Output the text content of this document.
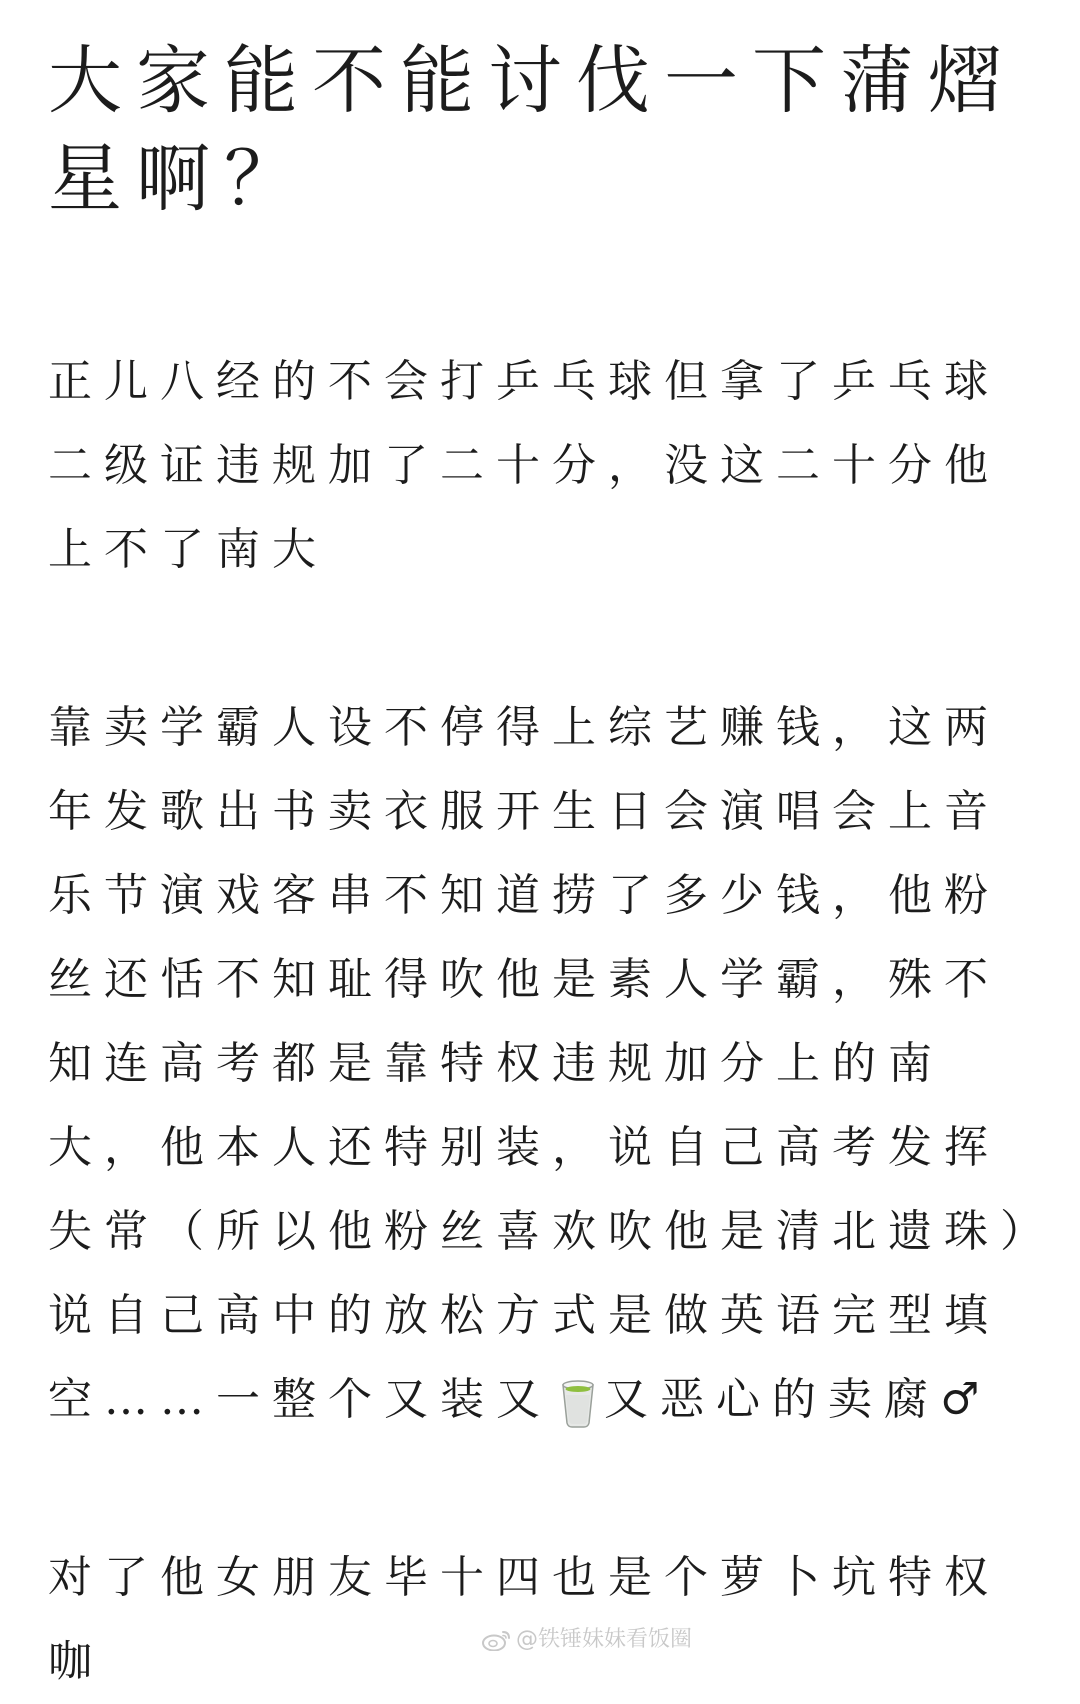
大家能不能讨伐一下蒲熠星啊？

正儿八经的不会打乒乓球但拿了乒乓球二级证违规加了二十分，没这二十分他上不了南大

靠卖学霸人设不停得上综艺赚钱，这两年发歌出书卖衣服开生日会演唱会上音乐节演戏客串不知道捞了多少钱，他粉丝还恬不知耻得吹他是素人学霸，殊不知连高考都是靠特权违规加分上的南大，他本人还特别装，说自己高考发挥失常（所以他粉丝喜欢吹他是清北遗珠）说自己高中的放松方式是做英语完型填空……一整个又装又 又恶心的卖腐♂

对了他女朋友毕十四也是个萝卜坑特权咖	@铁锤妹妹看饭圈
